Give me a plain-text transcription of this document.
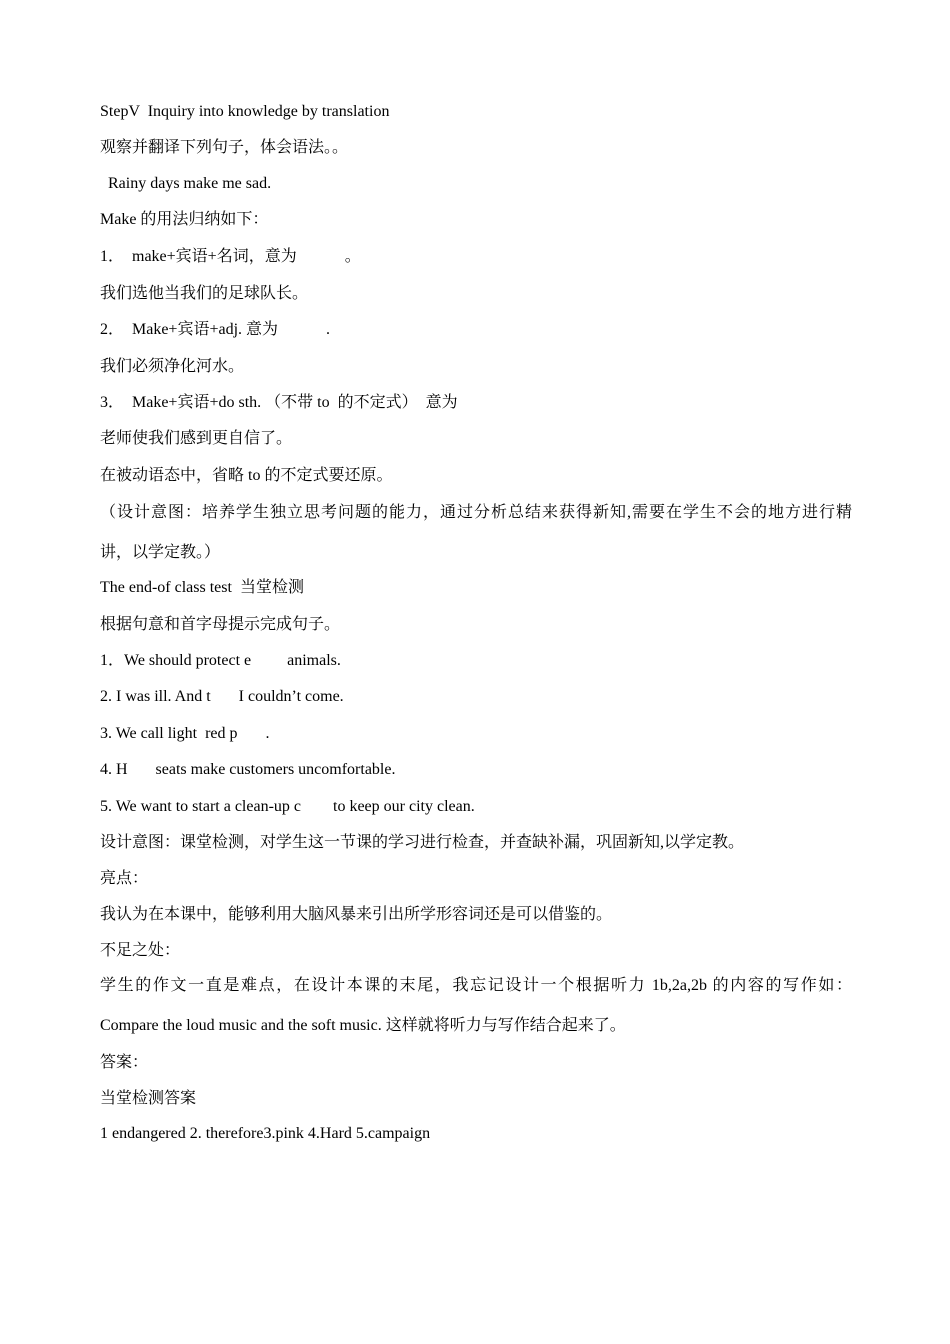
StepV  Inquiry into knowledge by translation
观察并翻译下列句子，体会语法。。
Rainy days make me sad.
Make 的用法归纳如下：
1．  make+宾语+名词，意为            。
我们选他当我们的足球队长。
2．  Make+宾语+adj. 意为            .
我们必须净化河水。
3．  Make+宾语+do sth. （不带 to  的不定式）  意为
老师使我们感到更自信了。
在被动语态中，省略 to 的不定式要还原。
（设计意图：培养学生独立思考问题的能力，通过分析总结来获得新知,需要在学生不会的地方进行精
讲，以学定教。）
The end-of class test  当堂检测
根据句意和首字母提示完成句子。
1．We should protect e         animals.
2. I was ill. And t       I couldn’t come.
3. We call light  red p       .
4. H       seats make customers uncomfortable.
5. We want to start a clean-up c        to keep our city clean.
设计意图：课堂检测，对学生这一节课的学习进行检查，并查缺补漏，巩固新知,以学定教。
亮点：
我认为在本课中，能够利用大脑风暴来引出所学形容词还是可以借鉴的。
不足之处：
学生的作文一直是难点，在设计本课的末尾，我忘记设计一个根据听力 1b,2a,2b 的内容的写作如：
Compare the loud music and the soft music. 这样就将听力与写作结合起来了。
答案：
当堂检测答案
1 endangered 2. therefore3.pink 4.Hard 5.campaign
